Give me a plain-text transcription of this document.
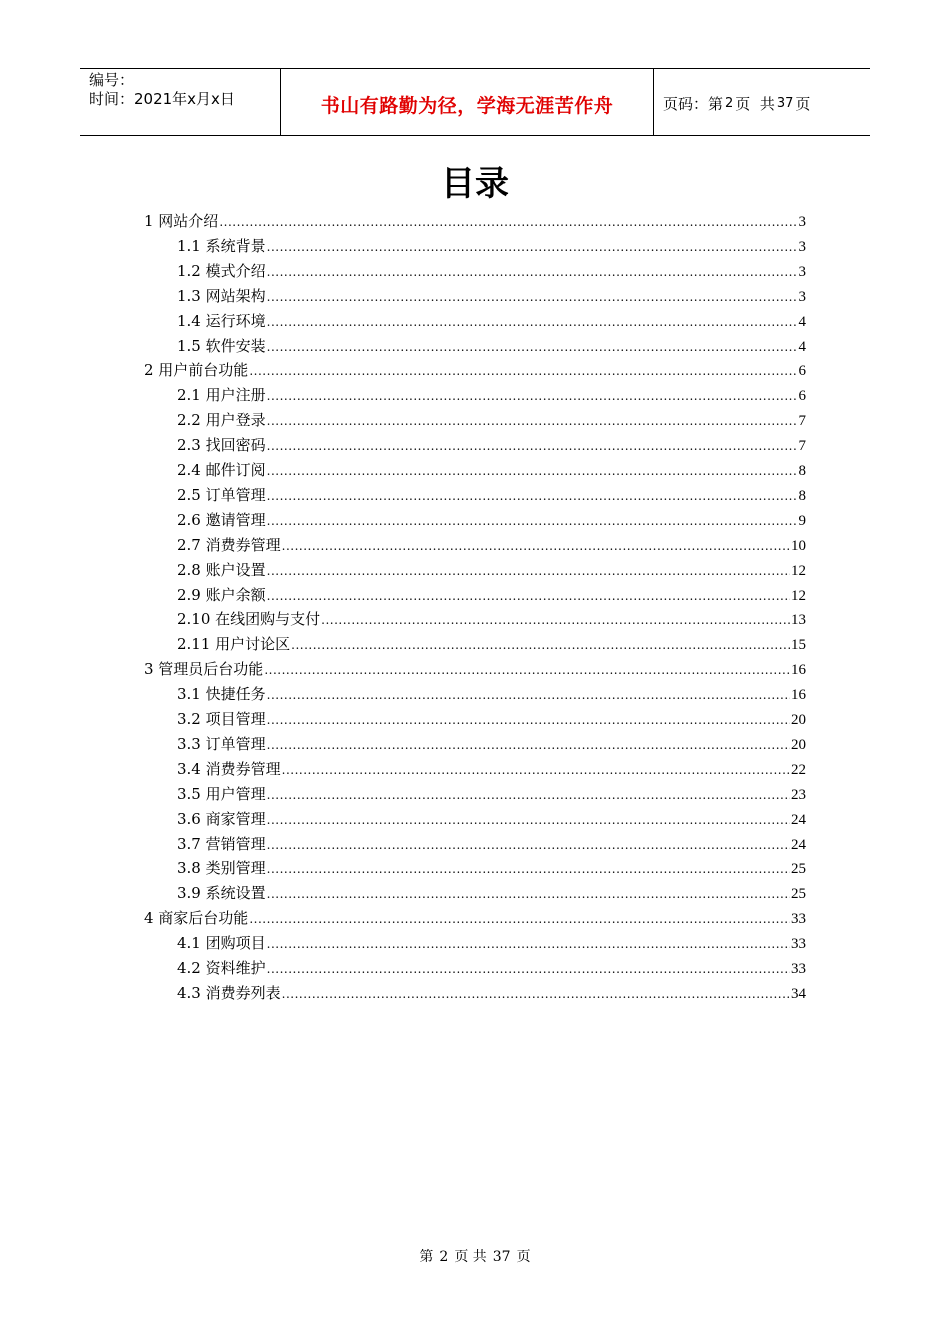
编号：
时间：2021年x月x日	书山有路勤为径，学海无涯苦作舟	页码：第 2 页  共 37 页
目录
1 网站介绍 .....	3
1.1 系统背景 .....	3
1.2 模式介绍 .....	3
1.3 网站架构 .....	3
1.4 运行环境 .....	4
1.5 软件安装 .....	4
2 用户前台功能 .....	6
2.1 用户注册 .....	6
2.2 用户登录 .....	7
2.3 找回密码 .....	7
2.4 邮件订阅 .....	8
2.5 订单管理 .....	8
2.6 邀请管理 .....	9
2.7 消费券管理 .....	10
2.8 账户设置 .....	12
2.9 账户余额 .....	12
2.10 在线团购与支付 .....	13
2.11 用户讨论区 .....	15
3 管理员后台功能 .....	16
3.1 快捷任务 .....	16
3.2 项目管理 .....	20
3.3 订单管理 .....	20
3.4 消费券管理 .....	22
3.5 用户管理 .....	23
3.6 商家管理 .....	24
3.7 营销管理 .....	24
3.8 类别管理 .....	25
3.9 系统设置 .....	25
4 商家后台功能 .....	33
4.1 团购项目 .....	33
4.2 资料维护 .....	33
4.3 消费券列表 .....	34
第 2 页 共 37 页
